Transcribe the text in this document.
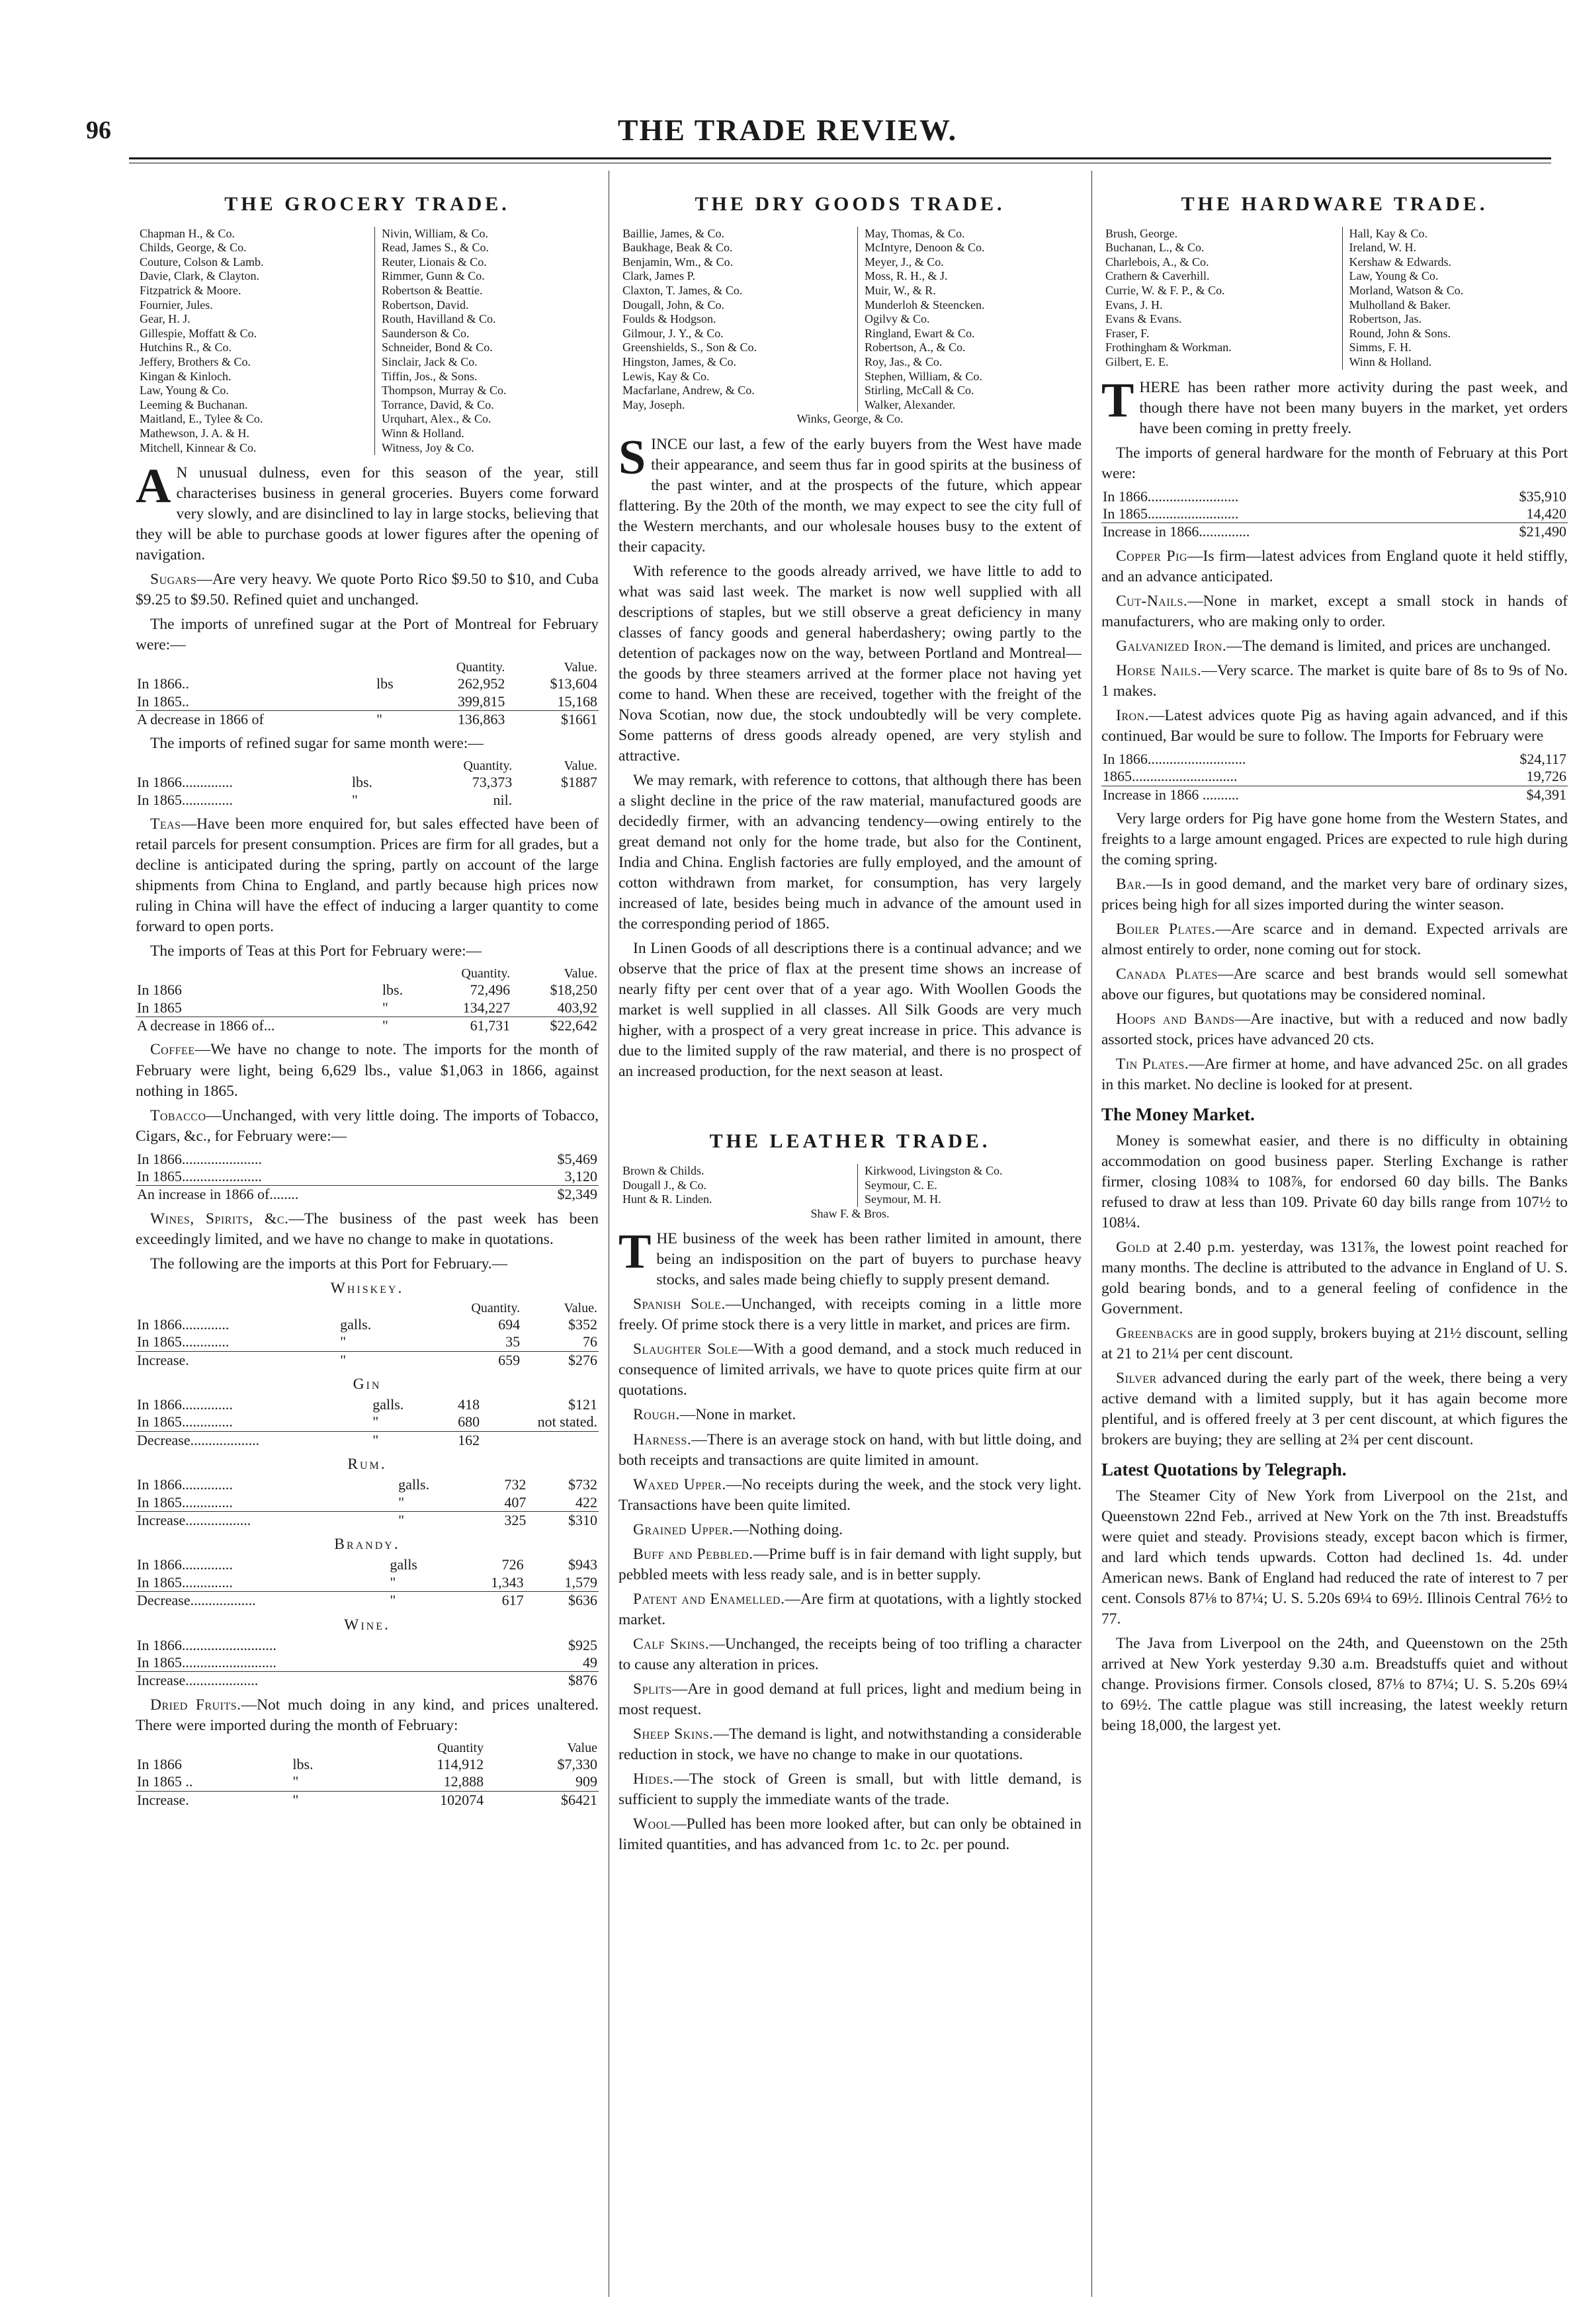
96	THE TRADE REVIEW.
THE GROCERY TRADE.
Chapman H., & Co.
Childs, George, & Co.
Couture, Colson & Lamb.
Davie, Clark, & Clayton.
Fitzpatrick & Moore.
Fournier, Jules.
Gear, H. J.
Gillespie, Moffatt & Co.
Hutchins R., & Co.
Jeffery, Brothers & Co.
Kingan & Kinloch.
Law, Young & Co.
Leeming & Buchanan.
Maitland, E., Tylee & Co.
Mathewson, J. A. & H.
Mitchell, Kinnear & Co.
Nivin, William, & Co.
Read, James S., & Co.
Reuter, Lionais & Co.
Rimmer, Gunn & Co.
Robertson & Beattie.
Robertson, David.
Routh, Havilland & Co.
Saunderson & Co.
Schneider, Bond & Co.
Sinclair, Jack & Co.
Tiffin, Jos., & Sons.
Thompson, Murray & Co.
Torrance, David, & Co.
Urquhart, Alex., & Co.
Winn & Holland.
Witness, Joy & Co.

A N unusual dulness, even for this season of the year, still characterises business in general groceries. Buyers come forward very slowly, and are disinclined to lay in large stocks, believing that they will be able to purchase goods at lower figures after the opening of navigation.

Sugars—Are very heavy. We quote Porto Rico $9.50 to $10, and Cuba $9.25 to $9.50. Refined quiet and unchanged.

The imports of unrefined sugar at the Port of Montreal for February were:—

		Quantity.	Value.
In 1866..	lbs	262,952	$13,604
In 1865..		399,815	15,168
A decrease in 1866 of	"	136,863	$1661

The imports of refined sugar for same month were:—

		Quantity.	Value.
In 1866..............	lbs.	73,373	$1887
In 1865..............	"	nil.	

Teas—Have been more enquired for, but sales effected have been of retail parcels for present consumption. Prices are firm for all grades, but a decline is anticipated during the spring, partly on account of the large shipments from China to England, and partly because high prices now ruling in China will have the effect of inducing a larger quantity to come forward to open ports.

The imports of Teas at this Port for February were:—

		Quantity.	Value.
In 1866	lbs.	72,496	$18,250
In 1865	"	134,227	403,92
A decrease in 1866 of...	"	61,731	$22,642

Coffee—We have no change to note. The imports for the month of February were light, being 6,629 lbs., value $1,063 in 1866, against nothing in 1865.

Tobacco—Unchanged, with very little doing. The imports of Tobacco, Cigars, &c., for February were:—

In 1866......................	$5,469
In 1865......................	3,120
An increase in 1866 of........	$2,349

Wines, Spirits, &c.—The business of the past week has been exceedingly limited, and we have no change to make in quotations.

The following are the imports at this Port for February.—

Whiskey.
		Quantity.	Value.
In 1866.............	galls.	694	$352
In 1865.............	"	35	76
Increase.	"	659	$276
Gin
In 1866..............	galls.	418	$121
In 1865..............	"	680	not stated.
Decrease...................	"	162	
Rum.
In 1866..............	galls.	732	$732
In 1865..............	"	407	422
Increase..................	"	325	$310
Brandy.
In 1866..............	galls	726	$943
In 1865..............	"	1,343	1,579
Decrease..................	"	617	$636
Wine.
In 1866..........................	$925
In 1865..........................	49
Increase....................	$876

Dried Fruits.—Not much doing in any kind, and prices unaltered. There were imported during the month of February:

		Quantity	Value
In 1866	lbs.	114,912	$7,330
In 1865 ..	"	12,888	909
Increase.	"	102074	$6421
THE DRY GOODS TRADE.
Baillie, James, & Co.
Baukhage, Beak & Co.
Benjamin, Wm., & Co.
Clark, James P.
Claxton, T. James, & Co.
Dougall, John, & Co.
Foulds & Hodgson.
Gilmour, J. Y., & Co.
Greenshields, S., Son & Co.
Hingston, James, & Co.
Lewis, Kay & Co.
Macfarlane, Andrew, & Co.
May, Joseph.
May, Thomas, & Co.
McIntyre, Denoon & Co.
Meyer, J., & Co.
Moss, R. H., & J.
Muir, W., & R.
Munderloh & Steencken.
Ogilvy & Co.
Ringland, Ewart & Co.
Robertson, A., & Co.
Roy, Jas., & Co.
Stephen, William, & Co.
Stirling, McCall & Co.
Walker, Alexander.
Winks, George, & Co.

SINCE our last, a few of the early buyers from the West have made their appearance, and seem thus far in good spirits at the business of the past winter, and at the prospects of the future, which appear flattering. By the 20th of the month, we may expect to see the city full of the Western merchants, and our wholesale houses busy to the extent of their capacity.

With reference to the goods already arrived, we have little to add to what was said last week. The market is now well supplied with all descriptions of staples, but we still observe a great deficiency in many classes of fancy goods and general haberdashery; owing partly to the detention of packages now on the way, between Portland and Montreal—the goods by three steamers arrived at the former place not having yet come to hand. When these are received, together with the freight of the Nova Scotian, now due, the stock undoubtedly will be very complete. Some patterns of dress goods already opened, are very stylish and attractive.

We may remark, with reference to cottons, that although there has been a slight decline in the price of the raw material, manufactured goods are decidedly firmer, with an advancing tendency—owing entirely to the great demand not only for the home trade, but also for the Continent, India and China. English factories are fully employed, and the amount of cotton withdrawn from market, for consumption, has very largely increased of late, besides being much in advance of the amount used in the corresponding period of 1865.

In Linen Goods of all descriptions there is a continual advance; and we observe that the price of flax at the present time shows an increase of nearly fifty per cent over that of a year ago. With Woollen Goods the market is well supplied in all classes. All Silk Goods are very much higher, with a prospect of a very great increase in price. This advance is due to the limited supply of the raw material, and there is no prospect of an increased production, for the next season at least.

THE LEATHER TRADE.
Brown & Childs.
Dougall J., & Co.
Hunt & R. Linden.
Kirkwood, Livingston & Co.
Seymour, C. E.
Seymour, M. H.
Shaw F. & Bros.

THE business of the week has been rather limited in amount, there being an indisposition on the part of buyers to purchase heavy stocks, and sales made being chiefly to supply present demand.

Spanish Sole.—Unchanged, with receipts coming in a little more freely. Of prime stock there is a very little in market, and prices are firm.

Slaughter Sole—With a good demand, and a stock much reduced in consequence of limited arrivals, we have to quote prices quite firm at our quotations.

Rough.—None in market.

Harness.—There is an average stock on hand, with but little doing, and both receipts and transactions are quite limited in amount.

Waxed Upper.—No receipts during the week, and the stock very light. Transactions have been quite limited.

Grained Upper.—Nothing doing.

Buff and Pebbled.—Prime buff is in fair demand with light supply, but pebbled meets with less ready sale, and is in better supply.

Patent and Enamelled.—Are firm at quotations, with a lightly stocked market.

Calf Skins.—Unchanged, the receipts being of too trifling a character to cause any alteration in prices.

Splits—Are in good demand at full prices, light and medium being in most request.

Sheep Skins.—The demand is light, and notwithstanding a considerable reduction in stock, we have no change to make in our quotations.

Hides.—The stock of Green is small, but with little demand, is sufficient to supply the immediate wants of the trade.

Wool—Pulled has been more looked after, but can only be obtained in limited quantities, and has advanced from 1c. to 2c. per pound.

THE HARDWARE TRADE.
Brush, George.
Buchanan, L., & Co.
Charlebois, A., & Co.
Crathern & Caverhill.
Currie, W. & F. P., & Co.
Evans, J. H.
Evans & Evans.
Fraser, F.
Frothingham & Workman.
Gilbert, E. E.
Hall, Kay & Co.
Ireland, W. H.
Kershaw & Edwards.
Law, Young & Co.
Morland, Watson & Co.
Mulholland & Baker.
Robertson, Jas.
Round, John & Sons.
Simms, F. H.
Winn & Holland.

THERE has been rather more activity during the past week, and though there have not been many buyers in the market, yet orders have been coming in pretty freely.

The imports of general hardware for the month of February at this Port were:

In 1866.........................	$35,910
In 1865.........................	14,420
Increase in 1866..............	$21,490

Copper Pig—Is firm—latest advices from England quote it held stiffly, and an advance anticipated.

Cut-Nails.—None in market, except a small stock in hands of manufacturers, who are making only to order.

Galvanized Iron.—The demand is limited, and prices are unchanged.

Horse Nails.—Very scarce. The market is quite bare of 8s to 9s of No. 1 makes.

Iron.—Latest advices quote Pig as having again advanced, and if this continued, Bar would be sure to follow. The Imports for February were

In 1866...........................	$24,117
1865.............................	19,726
Increase in 1866 ..........	$4,391

Very large orders for Pig have gone home from the Western States, and freights to a large amount engaged. Prices are expected to rule high during the coming spring.

Bar.—Is in good demand, and the market very bare of ordinary sizes, prices being high for all sizes imported during the winter season.

Boiler Plates.—Are scarce and in demand. Expected arrivals are almost entirely to order, none coming out for stock.

Canada Plates—Are scarce and best brands would sell somewhat above our figures, but quotations may be considered nominal.

Hoops and Bands—Are inactive, but with a reduced and now badly assorted stock, prices have advanced 20 cts.

Tin Plates.—Are firmer at home, and have advanced 25c. on all grades in this market. No decline is looked for at present.

The Money Market.

Money is somewhat easier, and there is no difficulty in obtaining accommodation on good business paper. Sterling Exchange is rather firmer, closing 108¾ to 108⅞, for endorsed 60 day bills. The Banks refused to draw at less than 109. Private 60 day bills range from 107½ to 108¼.

Gold at 2.40 p.m. yesterday, was 131⅞, the lowest point reached for many months. The decline is attributed to the advance in England of U. S. gold bearing bonds, and to a general feeling of confidence in the Government.

Greenbacks are in good supply, brokers buying at 21½ discount, selling at 21 to 21¼ per cent discount.

Silver advanced during the early part of the week, there being a very active demand with a limited supply, but it has again become more plentiful, and is offered freely at 3 per cent discount, at which figures the brokers are buying; they are selling at 2¾ per cent discount.

Latest Quotations by Telegraph.

The Steamer City of New York from Liverpool on the 21st, and Queenstown 22nd Feb., arrived at New York on the 7th inst. Breadstuffs were quiet and steady. Provisions steady, except bacon which is firmer, and lard which tends upwards. Cotton had declined 1s. 4d. under American news. Bank of England had reduced the rate of interest to 7 per cent. Consols 87⅛ to 87¼; U. S. 5.20s 69¼ to 69½. Illinois Central 76½ to 77.

The Java from Liverpool on the 24th, and Queenstown on the 25th arrived at New York yesterday 9.30 a.m. Breadstuffs quiet and without change. Provisions firmer. Consols closed, 87⅛ to 87¼; U. S. 5.20s 69¼ to 69½. The cattle plague was still increasing, the latest weekly return being 18,000, the largest yet.
